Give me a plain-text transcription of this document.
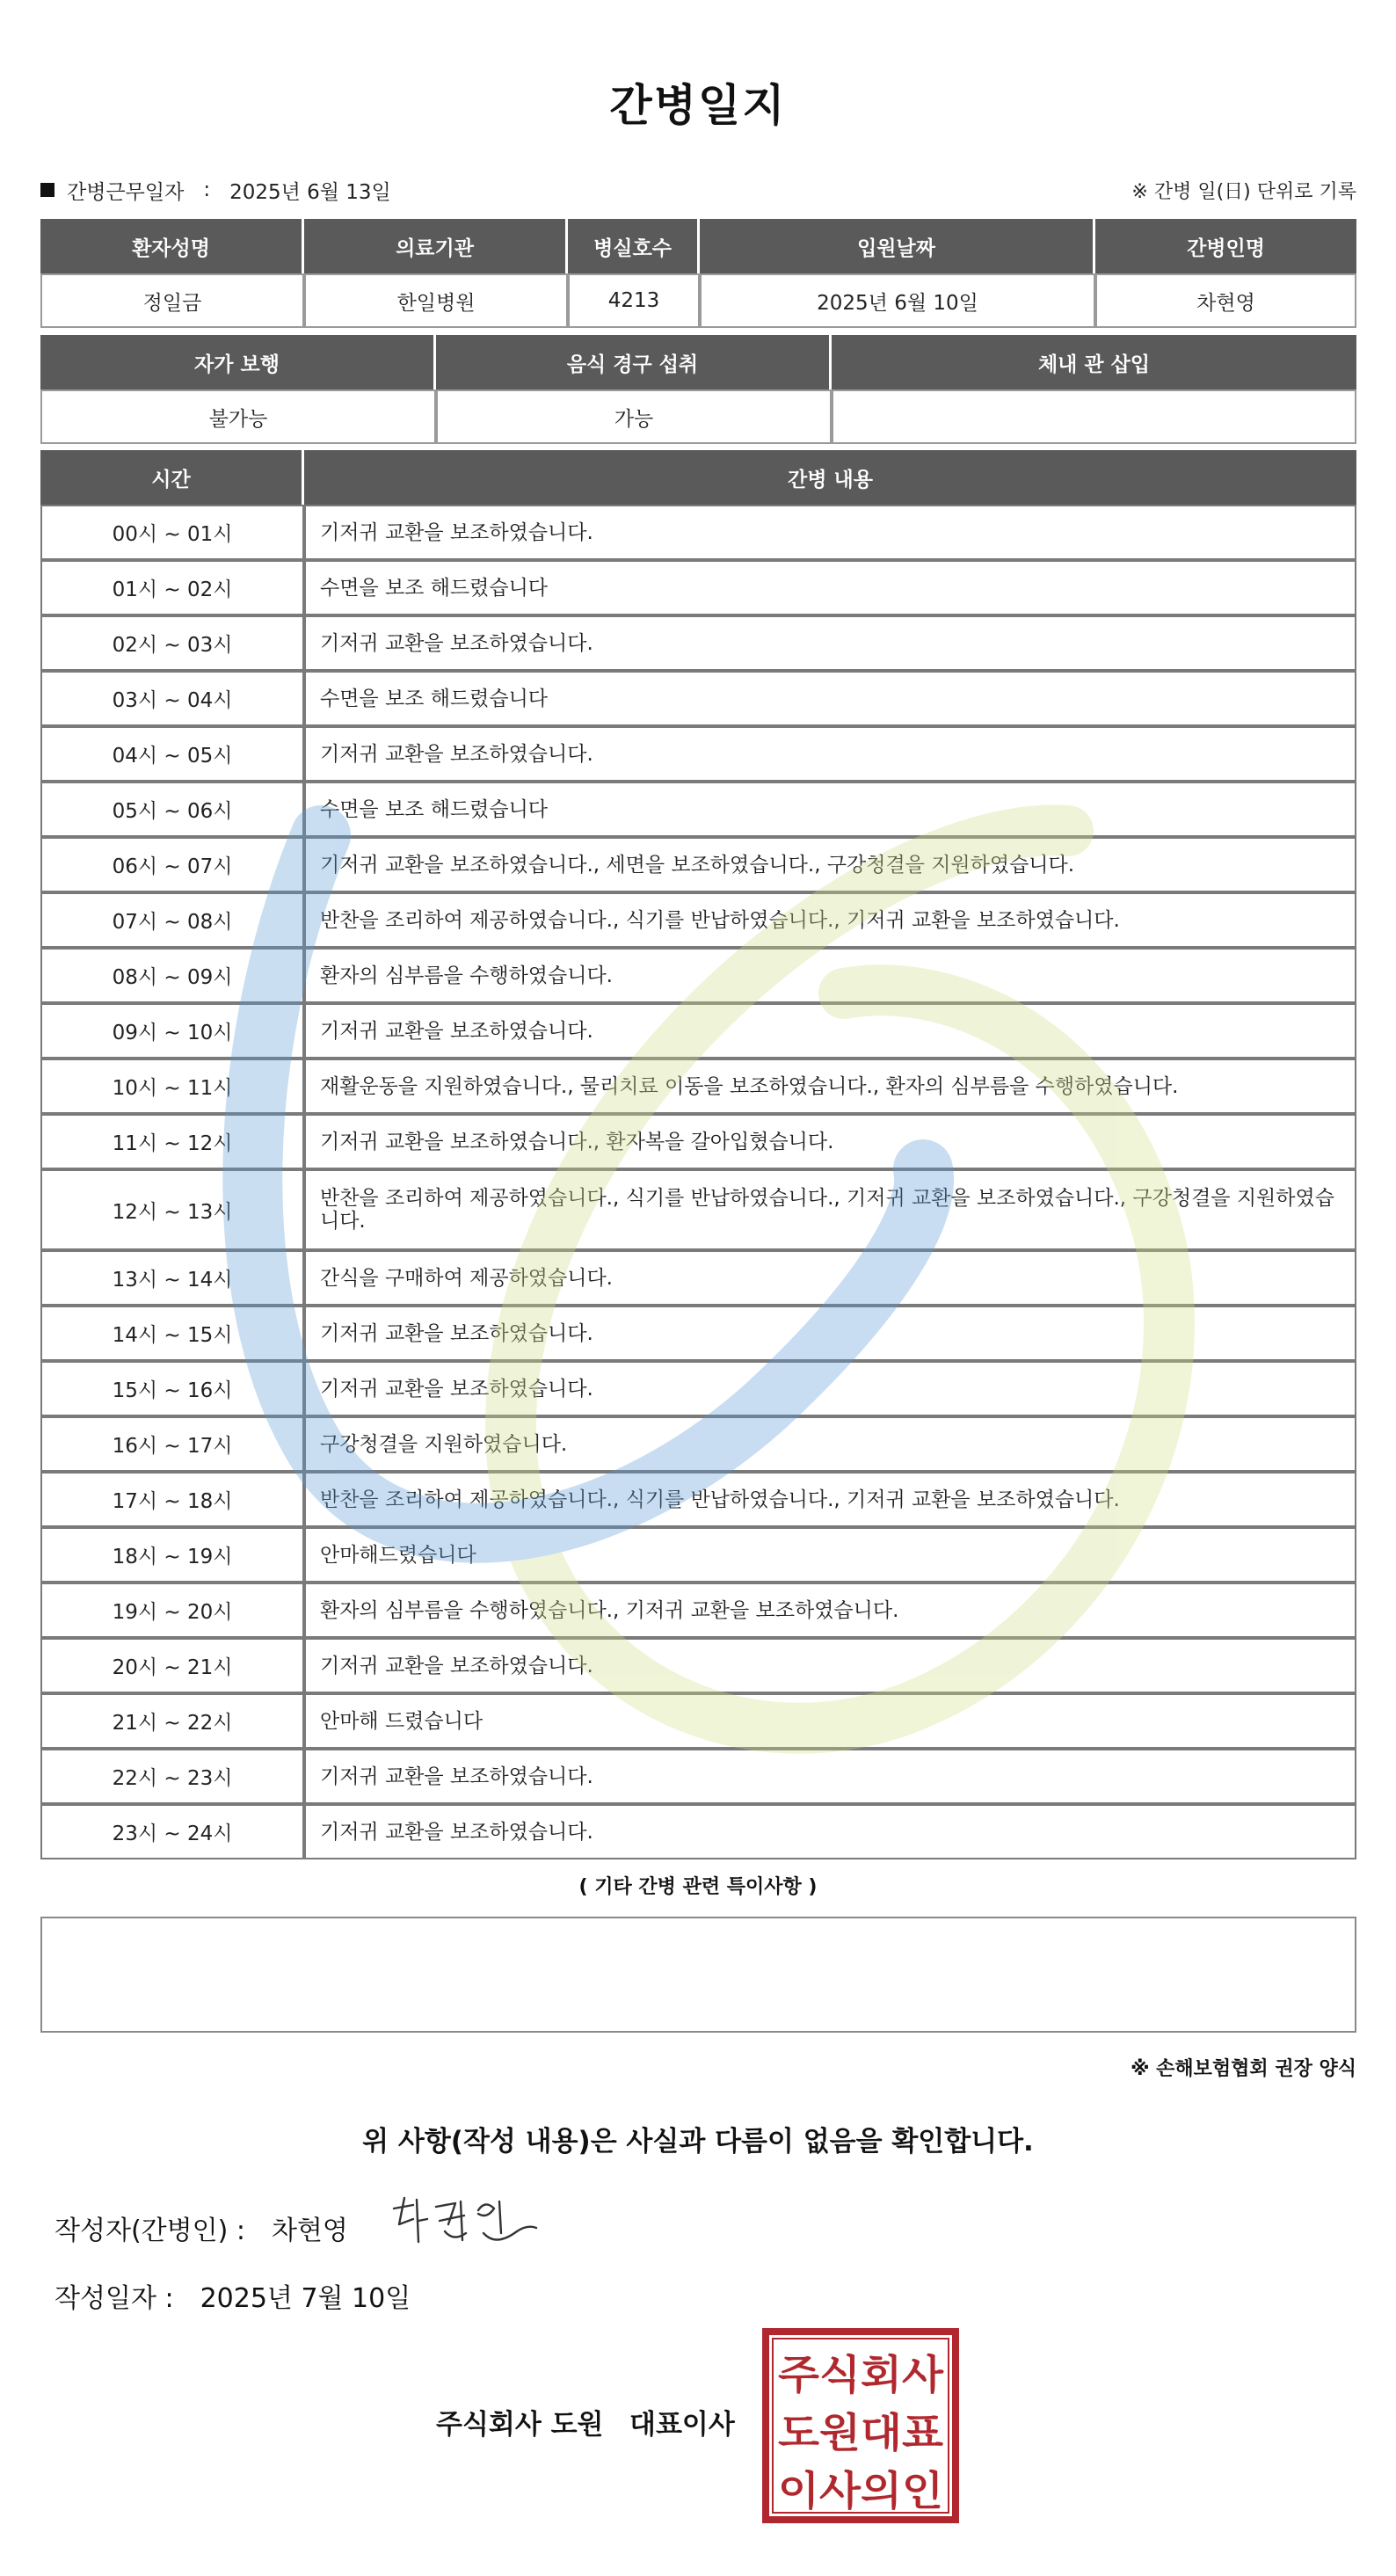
간병일지
간병근무일자 : 2025년 6월 13일	※ 간병 일(日) 단위로 기록
환자성명	의료기관	병실호수	입원날짜	간병인명
정일금	한일병원	4213	2025년 6월 10일	차현영
자가 보행	음식 경구 섭취	체내 관 삽입
불가능	가능	
시간	간병 내용
00시 ~ 01시	기저귀 교환을 보조하였습니다.
01시 ~ 02시	수면을 보조 해드렸습니다
02시 ~ 03시	기저귀 교환을 보조하였습니다.
03시 ~ 04시	수면을 보조 해드렸습니다
04시 ~ 05시	기저귀 교환을 보조하였습니다.
05시 ~ 06시	수면을 보조 해드렸습니다
06시 ~ 07시	기저귀 교환을 보조하였습니다., 세면을 보조하였습니다., 구강청결을 지원하였습니다.
07시 ~ 08시	반찬을 조리하여 제공하였습니다., 식기를 반납하였습니다., 기저귀 교환을 보조하였습니다.
08시 ~ 09시	환자의 심부름을 수행하였습니다.
09시 ~ 10시	기저귀 교환을 보조하였습니다.
10시 ~ 11시	재활운동을 지원하였습니다., 물리치료 이동을 보조하였습니다., 환자의 심부름을 수행하였습니다.
11시 ~ 12시	기저귀 교환을 보조하였습니다., 환자복을 갈아입혔습니다.
12시 ~ 13시	반찬을 조리하여 제공하였습니다., 식기를 반납하였습니다., 기저귀 교환을 보조하였습니다., 구강청결을 지원하였습니다.
13시 ~ 14시	간식을 구매하여 제공하였습니다.
14시 ~ 15시	기저귀 교환을 보조하였습니다.
15시 ~ 16시	기저귀 교환을 보조하였습니다.
16시 ~ 17시	구강청결을 지원하였습니다.
17시 ~ 18시	반찬을 조리하여 제공하였습니다., 식기를 반납하였습니다., 기저귀 교환을 보조하였습니다.
18시 ~ 19시	안마해드렸습니다
19시 ~ 20시	환자의 심부름을 수행하였습니다., 기저귀 교환을 보조하였습니다.
20시 ~ 21시	기저귀 교환을 보조하였습니다.
21시 ~ 22시	안마해 드렸습니다
22시 ~ 23시	기저귀 교환을 보조하였습니다.
23시 ~ 24시	기저귀 교환을 보조하였습니다.
( 기타 간병 관련 특이사항 )
※ 손해보험협회 권장 양식
위 사항(작성 내용)은 사실과 다름이 없음을 확인합니다.
작성자(간병인) : 차현영
작성일자 : 2025년 7월 10일
주식회사 도원 대표이사
주식회사
도원대표
이사의인
